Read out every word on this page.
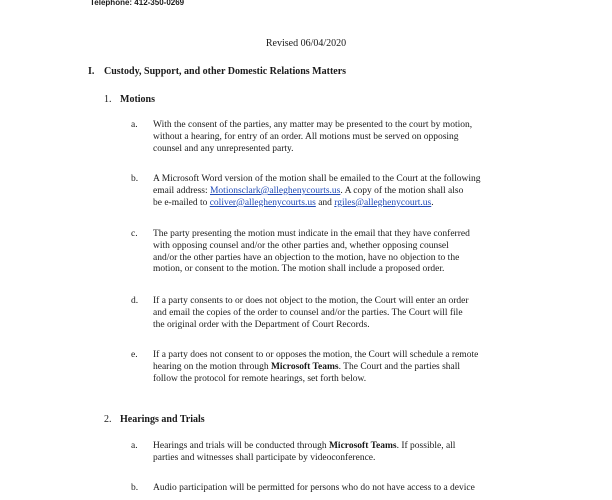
Telephone: 412-350-0269
Revised 06/04/2020
I. Custody, Support, and other Domestic Relations Matters
1. Motions
a. With the consent of the parties, any matter may be presented to the court by motion,
without a hearing, for entry of an order. All motions must be served on opposing
counsel and any unrepresented party.
b. A Microsoft Word version of the motion shall be emailed to the Court at the following
email address: Motionsclark@alleghenycourts.us. A copy of the motion shall also
be e-mailed to coliver@alleghenycourts.us and rgiles@alleghenycourt.us.
c. The party presenting the motion must indicate in the email that they have conferred
with opposing counsel and/or the other parties and, whether opposing counsel
and/or the other parties have an objection to the motion, have no objection to the
motion, or consent to the motion. The motion shall include a proposed order.
d. If a party consents to or does not object to the motion, the Court will enter an order
and email the copies of the order to counsel and/or the parties. The Court will file
the original order with the Department of Court Records.
e. If a party does not consent to or opposes the motion, the Court will schedule a remote
hearing on the motion through Microsoft Teams. The Court and the parties shall
follow the protocol for remote hearings, set forth below.
2. Hearings and Trials
a. Hearings and trials will be conducted through Microsoft Teams. If possible, all
parties and witnesses shall participate by videoconference.
b. Audio participation will be permitted for persons who do not have access to a device
